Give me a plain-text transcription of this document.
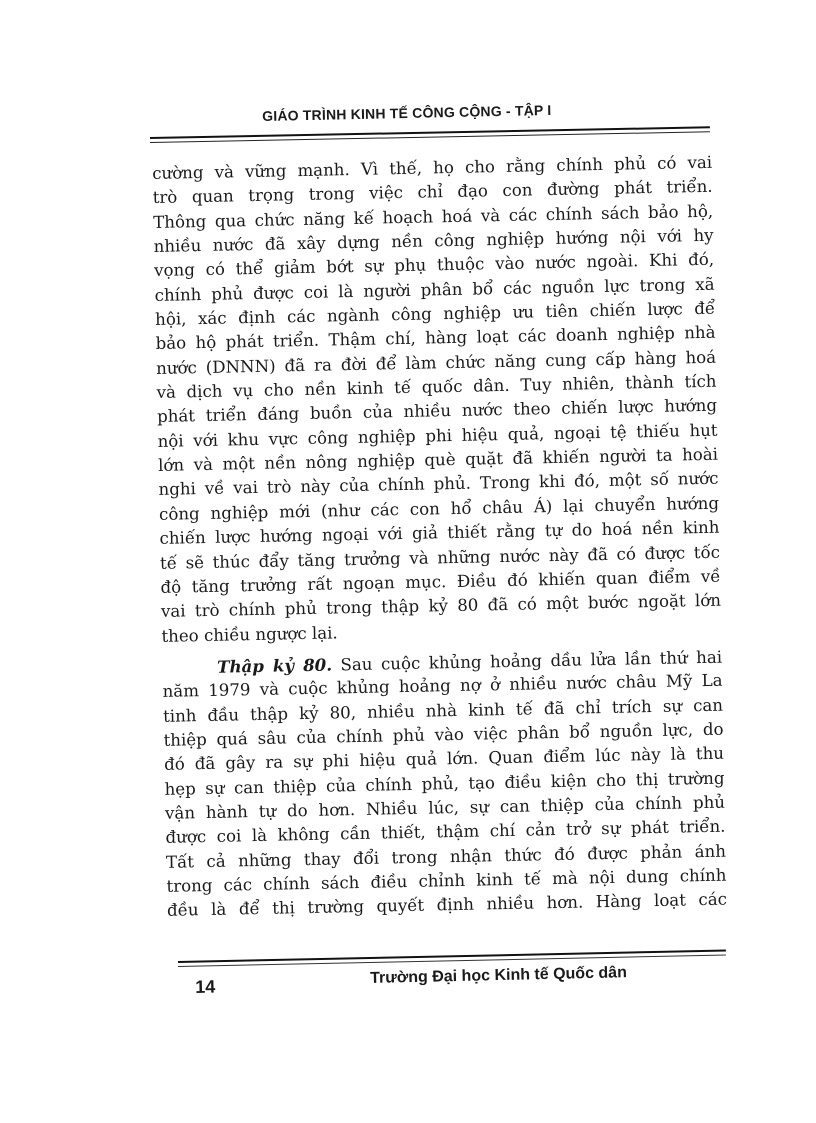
GIÁO TRÌNH KINH TẾ CÔNG CỘNG - TẬP I
cường và vững mạnh. Vì thế, họ cho rằng chính phủ có vai
trò quan trọng trong việc chỉ đạo con đường phát triển.
Thông qua chức năng kế hoạch hoá và các chính sách bảo hộ,
nhiều nước đã xây dựng nền công nghiệp hướng nội với hy
vọng có thể giảm bớt sự phụ thuộc vào nước ngoài. Khi đó,
chính phủ được coi là người phân bổ các nguồn lực trong xã
hội, xác định các ngành công nghiệp ưu tiên chiến lược để
bảo hộ phát triển. Thậm chí, hàng loạt các doanh nghiệp nhà
nước (DNNN) đã ra đời để làm chức năng cung cấp hàng hoá
và dịch vụ cho nền kinh tế quốc dân. Tuy nhiên, thành tích
phát triển đáng buồn của nhiều nước theo chiến lược hướng
nội với khu vực công nghiệp phi hiệu quả, ngoại tệ thiếu hụt
lớn và một nền nông nghiệp què quặt đã khiến người ta hoài
nghi về vai trò này của chính phủ. Trong khi đó, một số nước
công nghiệp mới (như các con hổ châu Á) lại chuyển hướng
chiến lược hướng ngoại với giả thiết rằng tự do hoá nền kinh
tế sẽ thúc đẩy tăng trưởng và những nước này đã có được tốc
độ tăng trưởng rất ngoạn mục. Điều đó khiến quan điểm về
vai trò chính phủ trong thập kỷ 80 đã có một bước ngoặt lớn
theo chiều ngược lại.
Thập kỷ 80. Sau cuộc khủng hoảng dầu lửa lần thứ hai
năm 1979 và cuộc khủng hoảng nợ ở nhiều nước châu Mỹ La
tinh đầu thập kỷ 80, nhiều nhà kinh tế đã chỉ trích sự can
thiệp quá sâu của chính phủ vào việc phân bổ nguồn lực, do
đó đã gây ra sự phi hiệu quả lớn. Quan điểm lúc này là thu
hẹp sự can thiệp của chính phủ, tạo điều kiện cho thị trường
vận hành tự do hơn. Nhiều lúc, sự can thiệp của chính phủ
được coi là không cần thiết, thậm chí cản trở sự phát triển.
Tất cả những thay đổi trong nhận thức đó được phản ánh
trong các chính sách điều chỉnh kinh tế mà nội dung chính
đều là để thị trường quyết định nhiều hơn. Hàng loạt các
14	Trường Đại học Kinh tế Quốc dân
